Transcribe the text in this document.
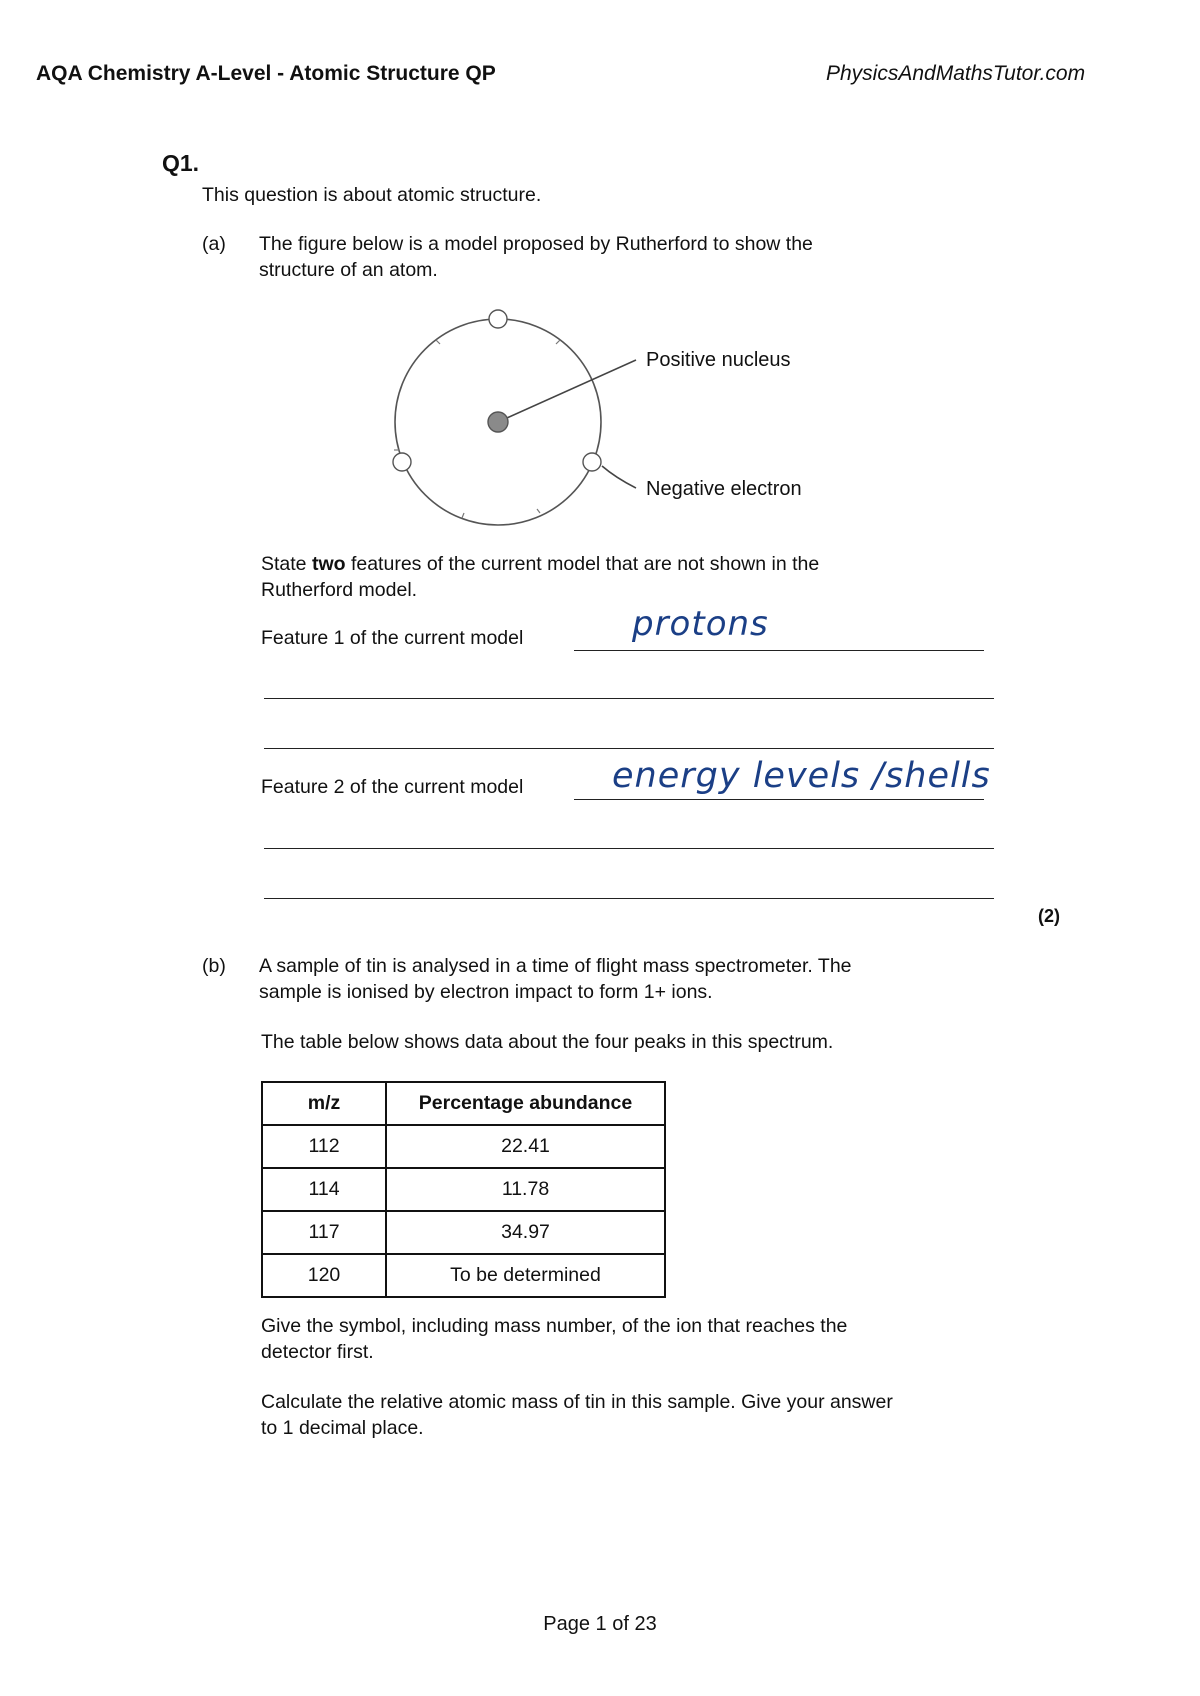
AQA Chemistry A-Level - Atomic Structure QP	PhysicsAndMathsTutor.com
Q1.
This question is about atomic structure.
(a) The figure below is a model proposed by Rutherford to show the
structure of an atom.
Positive nucleus
Negative electron
State two features of the current model that are not shown in the
Rutherford model.
Feature 1 of the current model	protons
Feature 2 of the current model	energy levels /shells
(2)
(b) A sample of tin is analysed in a time of flight mass spectrometer. The
sample is ionised by electron impact to form 1+ ions.
The table below shows data about the four peaks in this spectrum.
m/z	Percentage abundance
112	22.41
114	11.78
117	34.97
120	To be determined
Give the symbol, including mass number, of the ion that reaches the
detector first.
Calculate the relative atomic mass of tin in this sample. Give your answer
to 1 decimal place.
Page 1 of 23
